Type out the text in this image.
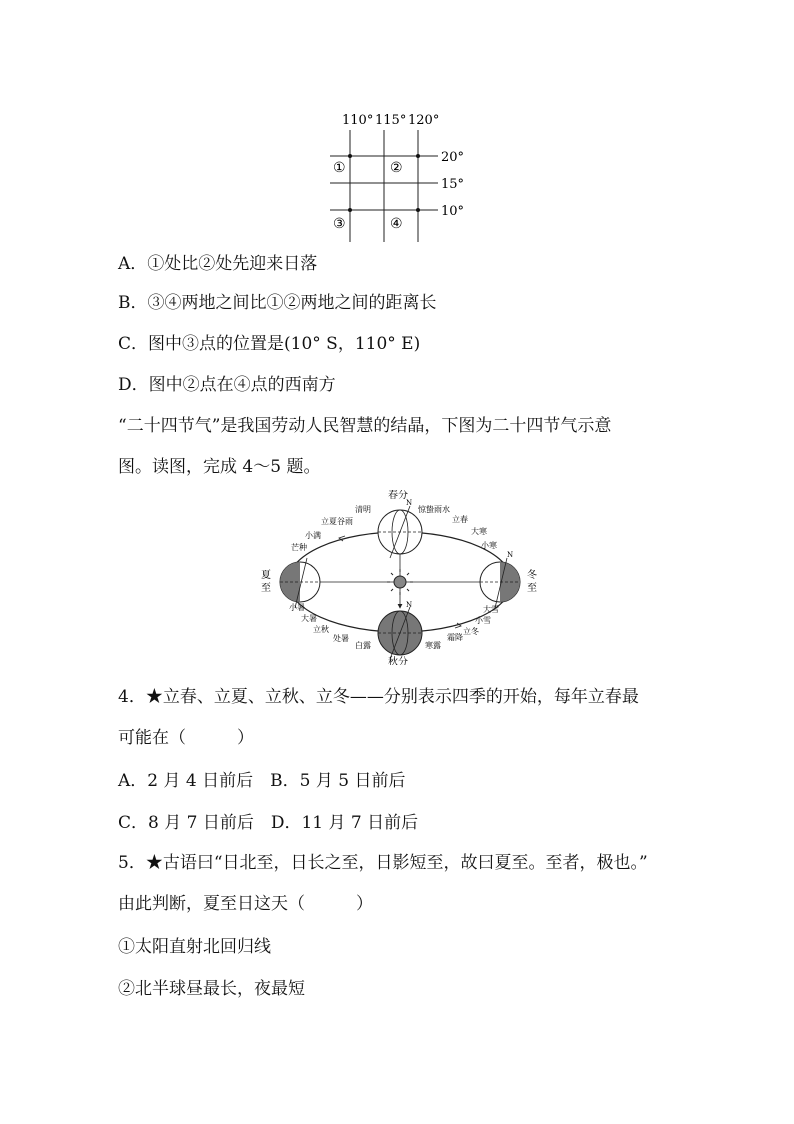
110° 115° 120°
20°
15°
10°
①	②
③	④
A．①处比②处先迎来日落
B．③④两地之间比①②两地之间的距离长
C．图中③点的位置是(10° S，110° E)
D．图中②点在④点的西南方
“二十四节气”是我国劳动人民智慧的结晶，下图为二十四节气示意
图。读图，完成 4～5 题。
春分
秋分
夏
至
冬
至
清明
立夏谷雨
小满
芒种
惊蛰雨水
立春
大寒
小寒
小暑
大暑
立秋
处暑
白露
大雪
小雪
立冬
霜降
寒露
N
N
N
4．★立春、立夏、立秋、立冬——分别表示四季的开始，每年立春最
可能在（　　　）
A．2 月 4 日前后　B．5 月 5 日前后
C．8 月 7 日前后　D．11 月 7 日前后
5．★古语曰“日北至，日长之至，日影短至，故曰夏至。至者，极也。”
由此判断，夏至日这天（　　　）
①太阳直射北回归线
②北半球昼最长，夜最短
